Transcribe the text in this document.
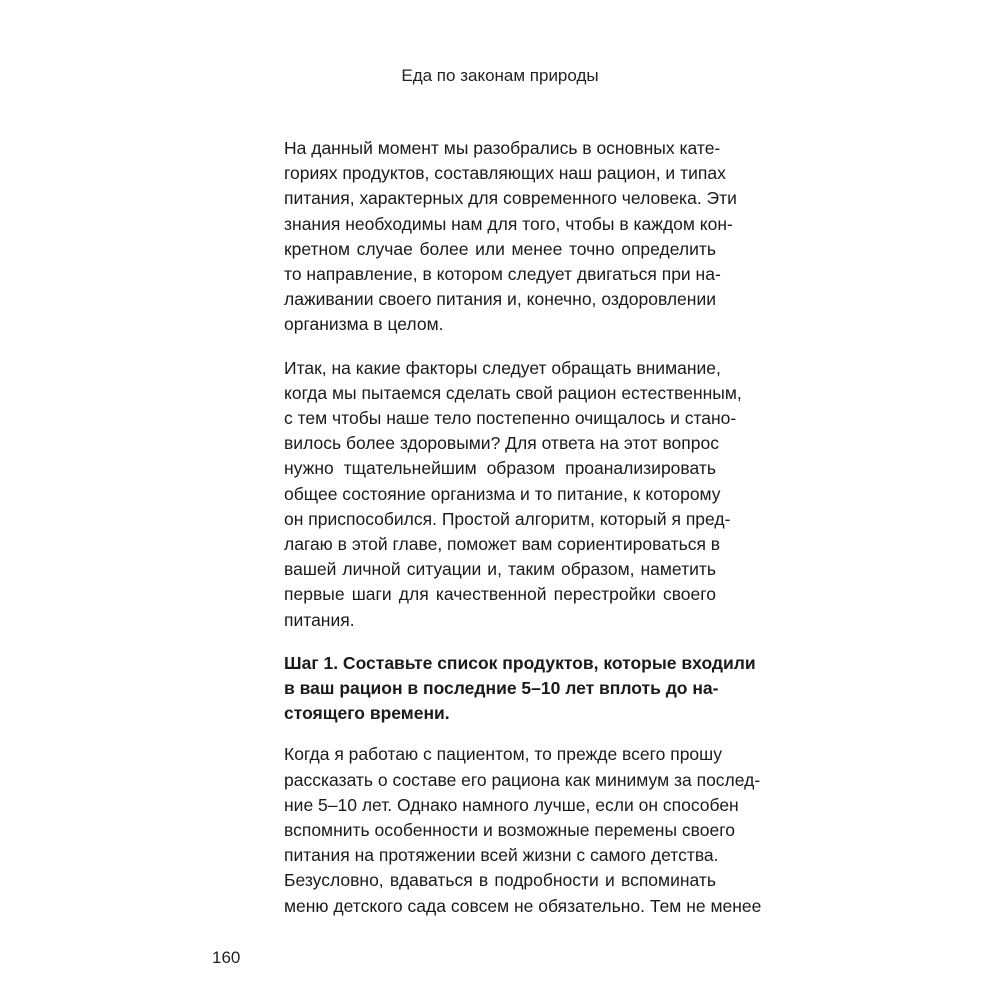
Еда по законам природы
На данный момент мы разобрались в основных кате-
гориях продуктов, составляющих наш рацион, и типах
питания, характерных для современного человека. Эти
знания необходимы нам для того, чтобы в каждом кон-
кретном случае более или менее точно определить
то направление, в котором следует двигаться при на-
лаживании своего питания и, конечно, оздоровлении
организма в целом.
Итак, на какие факторы следует обращать внимание,
когда мы пытаемся сделать свой рацион естественным,
с тем чтобы наше тело постепенно очищалось и стано-
вилось более здоровыми? Для ответа на этот вопрос
нужно тщательнейшим образом проанализировать
общее состояние организма и то питание, к которому
он приспособился. Простой алгоритм, который я пред-
лагаю в этой главе, поможет вам сориентироваться в
вашей личной ситуации и, таким образом, наметить
первые шаги для качественной перестройки своего
питания.
Шаг 1. Составьте список продуктов, которые входили
в ваш рацион в последние 5–10 лет вплоть до на-
стоящего времени.
Когда я работаю с пациентом, то прежде всего прошу
рассказать о составе его рациона как минимум за послед-
ние 5–10 лет. Однако намного лучше, если он способен
вспомнить особенности и возможные перемены своего
питания на протяжении всей жизни с самого детства.
Безусловно, вдаваться в подробности и вспоминать
меню детского сада совсем не обязательно. Тем не менее
160
